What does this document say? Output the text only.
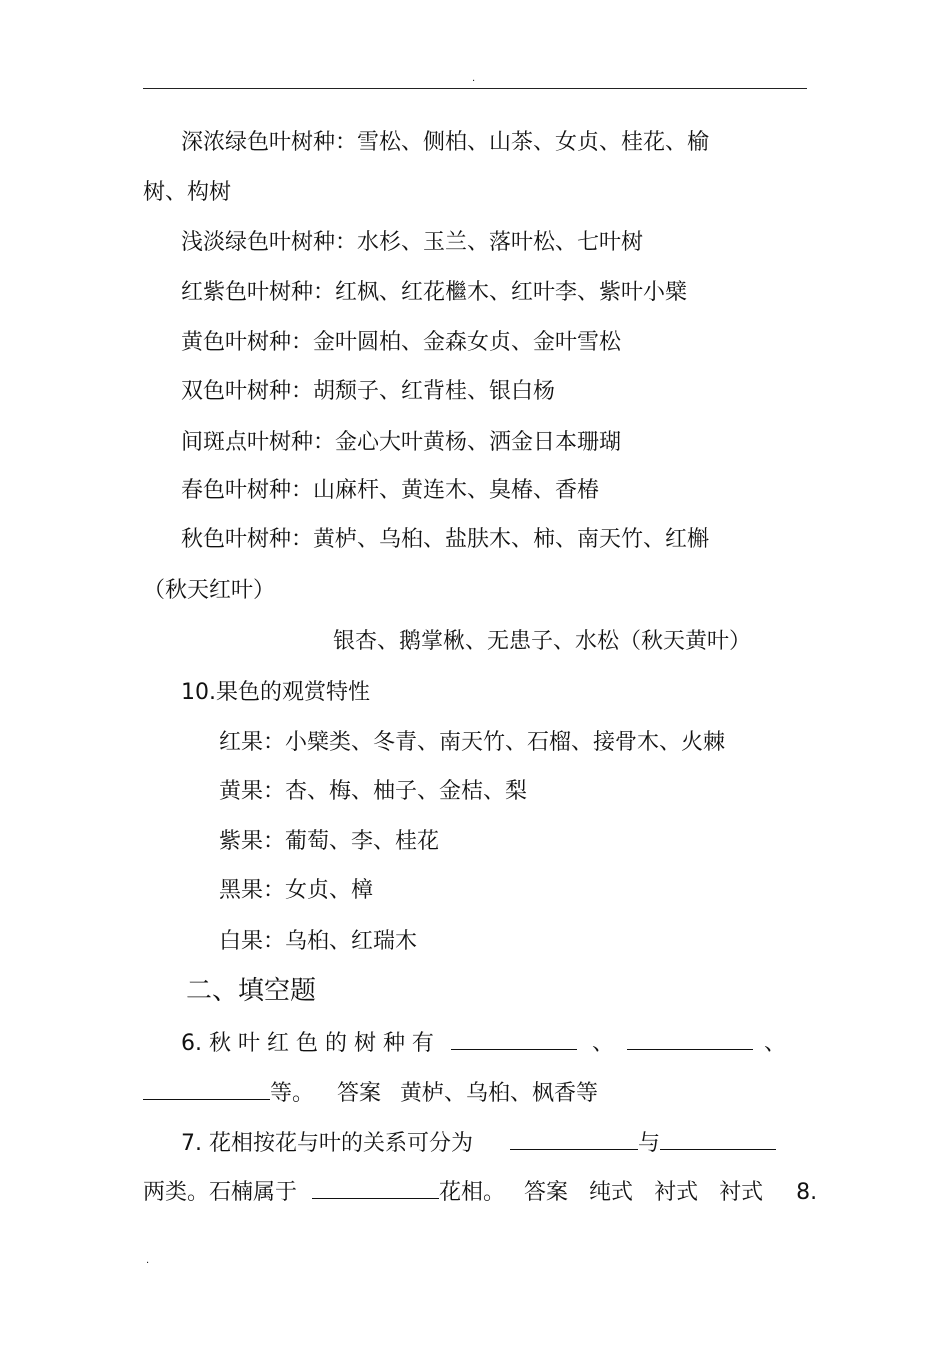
.
深浓绿色叶树种：雪松、侧柏、山茶、女贞、桂花、榆
树、构树
浅淡绿色叶树种：水杉、玉兰、落叶松、七叶树
红紫色叶树种：红枫、红花檵木、红叶李、紫叶小檗
黄色叶树种：金叶圆柏、金森女贞、金叶雪松
双色叶树种：胡颓子、红背桂、银白杨
间斑点叶树种：金心大叶黄杨、洒金日本珊瑚
春色叶树种：山麻杆、黄连木、臭椿、香椿
秋色叶树种：黄栌、乌桕、盐肤木、柿、南天竹、红槲
（秋天红叶）
银杏、鹅掌楸、无患子、水松（秋天黄叶）
10.果色的观赏特性
红果：小檗类、冬青、南天竹、石榴、接骨木、火棘
黄果：杏、梅、柚子、金桔、梨
紫果：葡萄、李、桂花
黑果：女贞、樟
白果：乌桕、红瑞木
二、填空题
6. 秋 叶 红 色 的 树 种 有	、	、
等。 答案 黄栌、乌桕、枫香等
7. 花相按花与叶的关系可分为	与
两类。石楠属于	花相。 答案 纯式 衬式 衬式 8.
.
